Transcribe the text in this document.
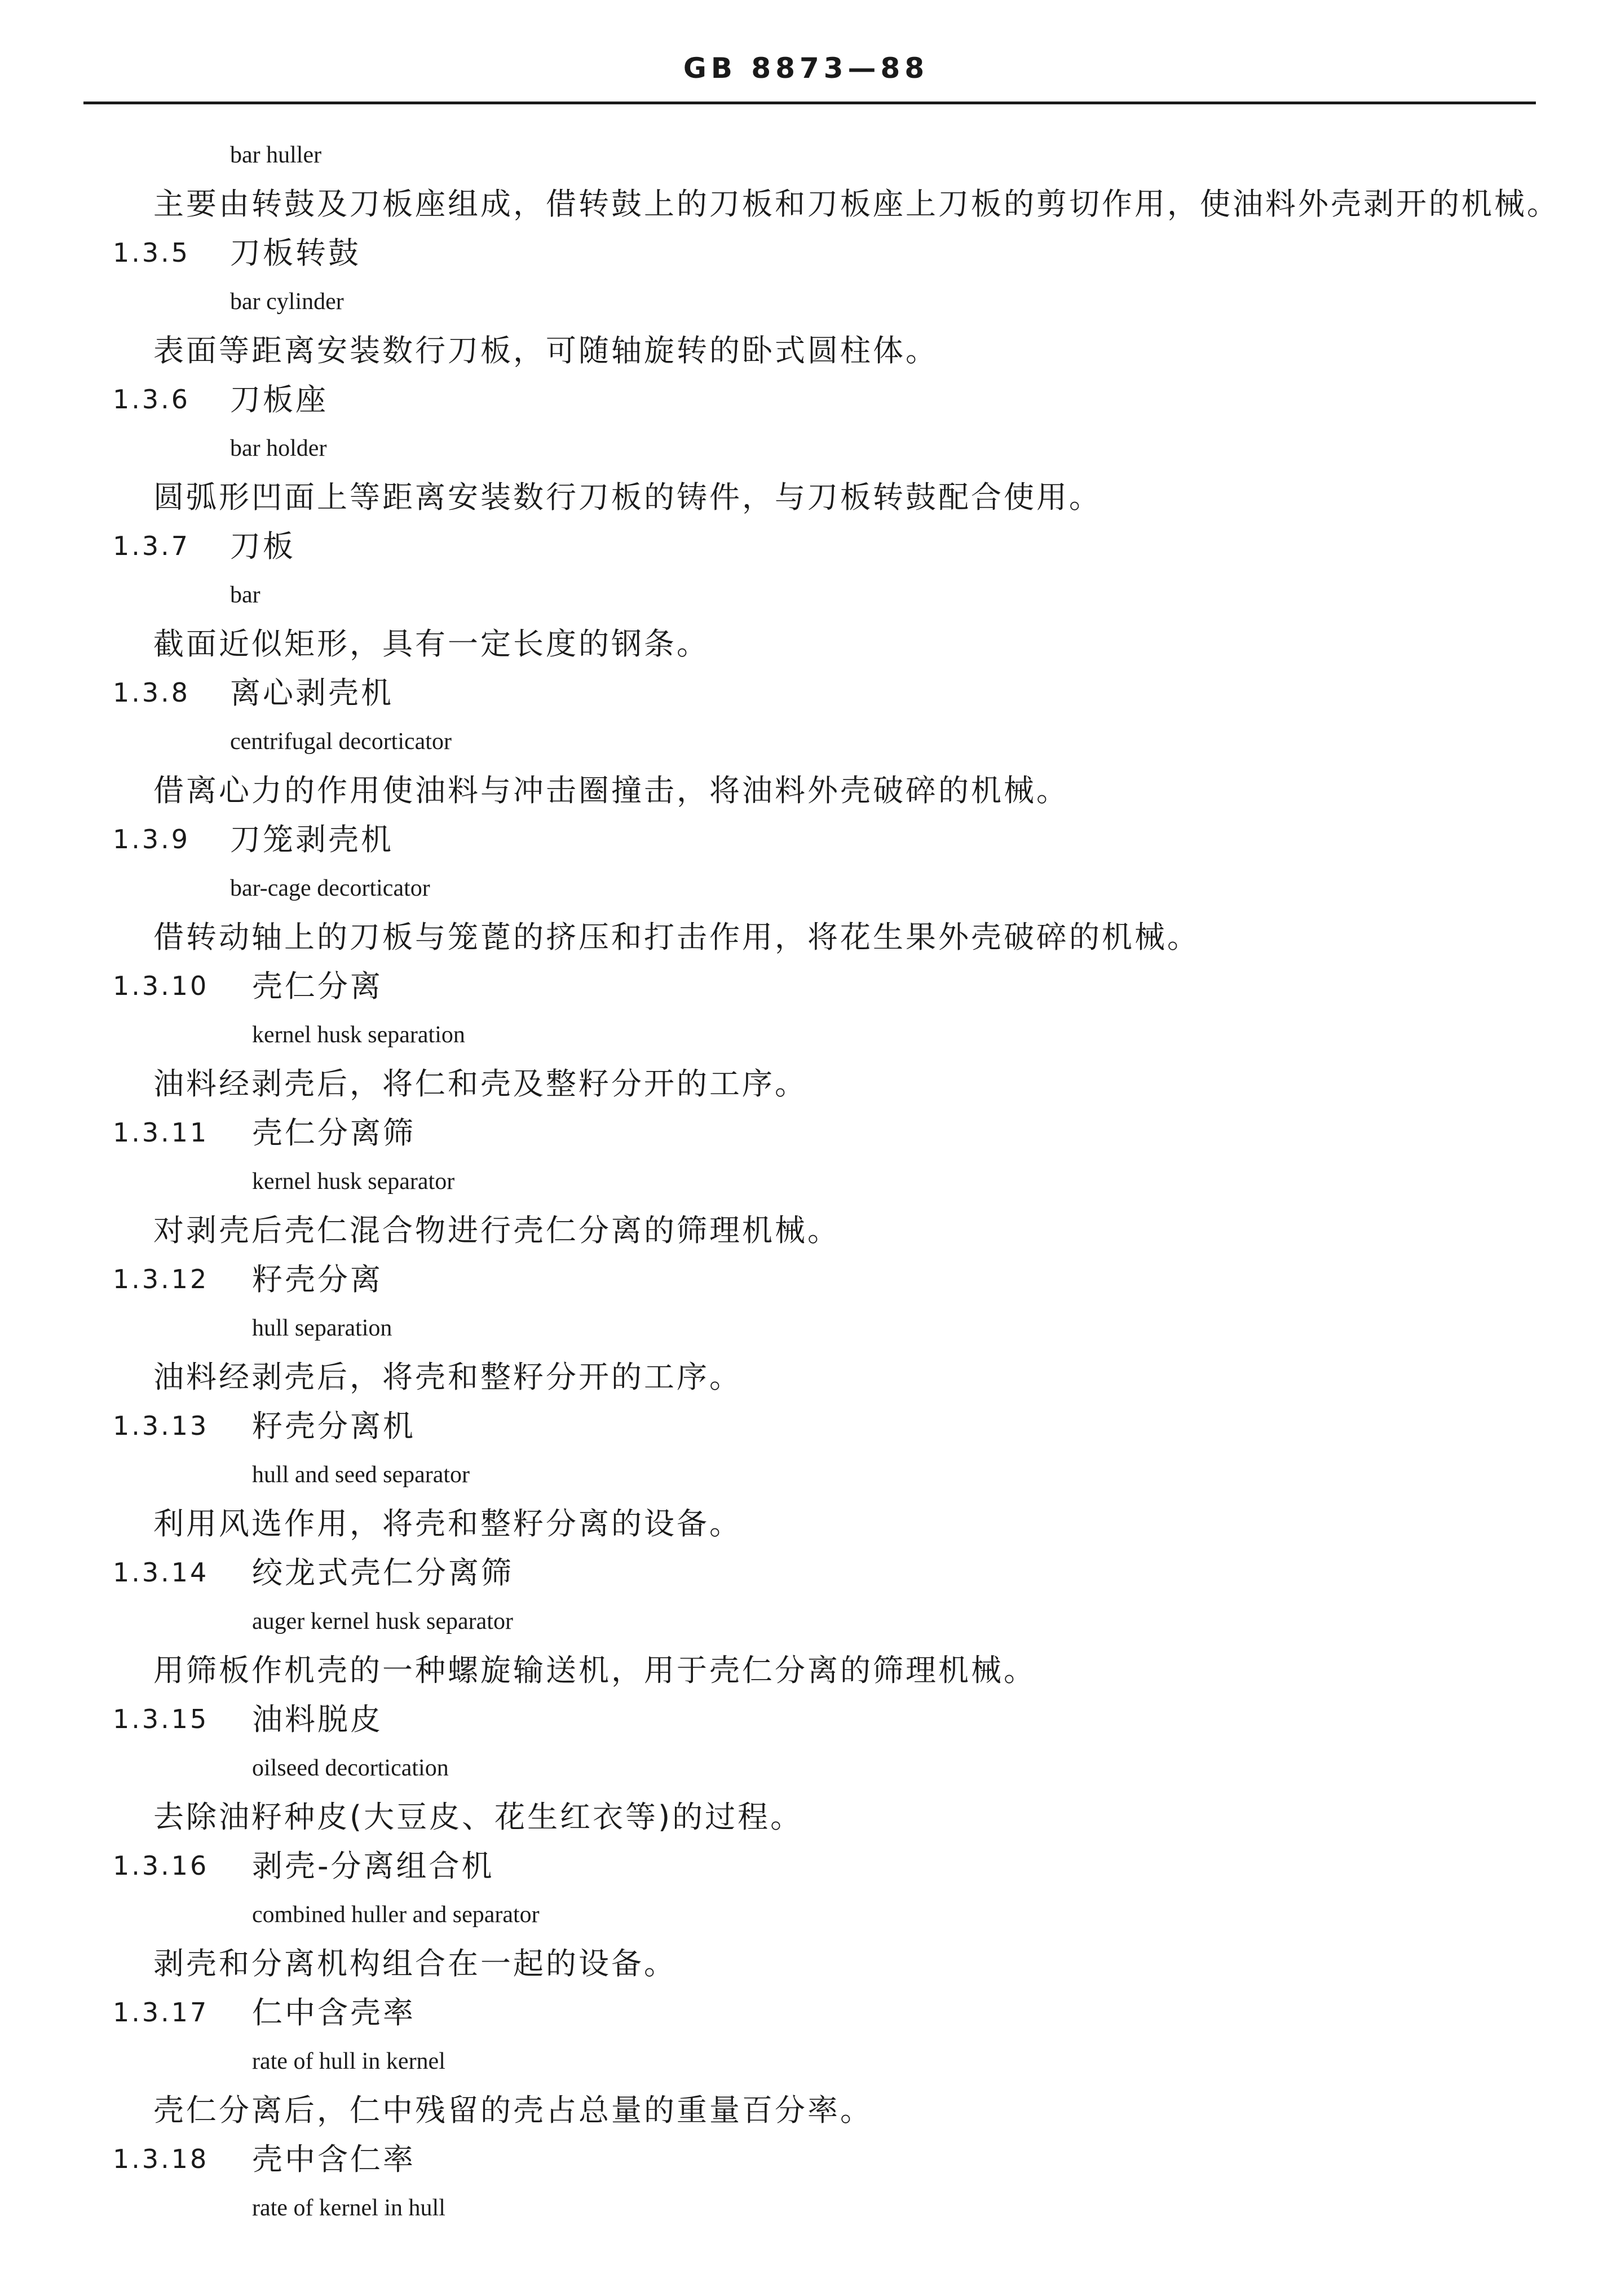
GB 8873—88
bar huller
主要由转鼓及刀板座组成，借转鼓上的刀板和刀板座上刀板的剪切作用，使油料外壳剥开的机械。
1.3.5 刀板转鼓
bar cylinder
表面等距离安装数行刀板，可随轴旋转的卧式圆柱体。
1.3.6 刀板座
bar holder
圆弧形凹面上等距离安装数行刀板的铸件，与刀板转鼓配合使用。
1.3.7 刀板
bar
截面近似矩形，具有一定长度的钢条。
1.3.8 离心剥壳机
centrifugal decorticator
借离心力的作用使油料与冲击圈撞击，将油料外壳破碎的机械。
1.3.9 刀笼剥壳机
bar-cage decorticator
借转动轴上的刀板与笼蓖的挤压和打击作用，将花生果外壳破碎的机械。
1.3.10 壳仁分离
kernel husk separation
油料经剥壳后，将仁和壳及整籽分开的工序。
1.3.11 壳仁分离筛
kernel husk separator
对剥壳后壳仁混合物进行壳仁分离的筛理机械。
1.3.12 籽壳分离
hull separation
油料经剥壳后，将壳和整籽分开的工序。
1.3.13 籽壳分离机
hull and seed separator
利用风选作用，将壳和整籽分离的设备。
1.3.14 绞龙式壳仁分离筛
auger kernel husk separator
用筛板作机壳的一种螺旋输送机，用于壳仁分离的筛理机械。
1.3.15 油料脱皮
oilseed decortication
去除油籽种皮(大豆皮、花生红衣等)的过程。
1.3.16 剥壳-分离组合机
combined huller and separator
剥壳和分离机构组合在一起的设备。
1.3.17 仁中含壳率
rate of hull in kernel
壳仁分离后，仁中残留的壳占总量的重量百分率。
1.3.18 壳中含仁率
rate of kernel in hull
